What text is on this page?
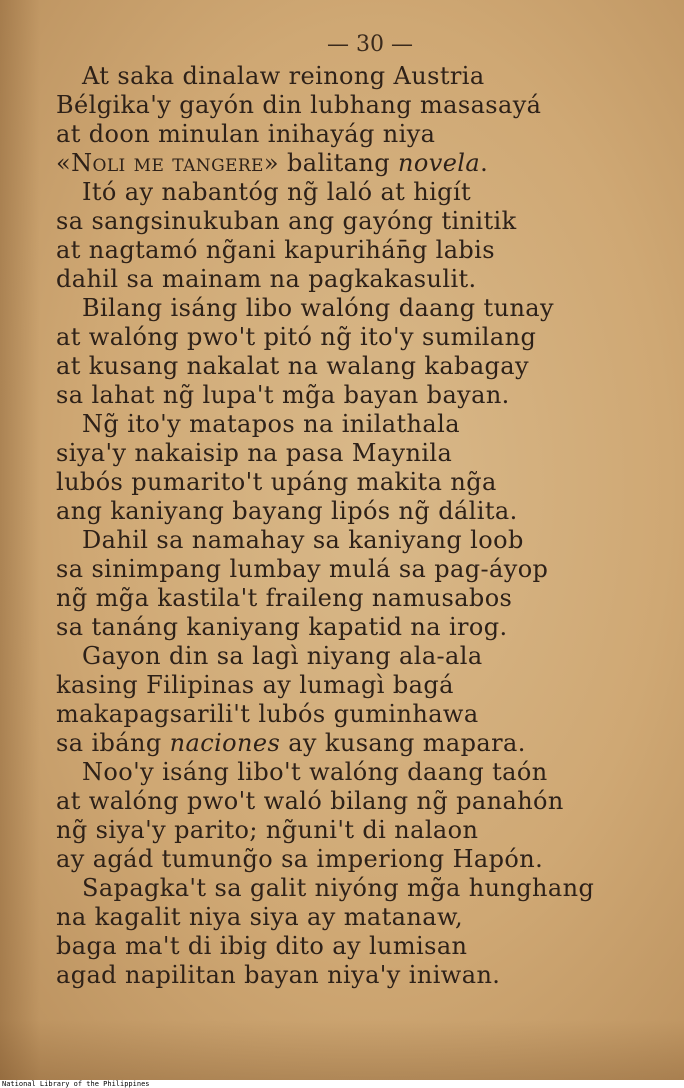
— 30 —
At saka dinalaw reinong Austria
Bélgika'y gayón din lubhang masasayá
at doon minulan inihayág niya
«Noli me tangere» balitang novela.
Itó ay nabantóg ng̃ laló at higít
sa sangsinukuban ang gayóng tinitik
at nagtamó ng̃ani kapurihán̄g labis
dahil sa mainam na pagkakasulit.
Bilang isáng libo walóng daang tunay
at walóng pwo't pitó ng̃ ito'y sumilang
at kusang nakalat na walang kabagay
sa lahat ng̃ lupa't mg̃a bayan bayan.
Ng̃ ito'y matapos na inilathala
siya'y nakaisip na pasa Maynila
lubós pumarito't upáng makita ng̃a
ang kaniyang bayang lipós ng̃ dálita.
Dahil sa namahay sa kaniyang loob
sa sinimpang lumbay mulá sa pag-áyop
ng̃ mg̃a kastila't fraileng namusabos
sa tanáng kaniyang kapatid na irog.
Gayon din sa lagì niyang ala-ala
kasing Filipinas ay lumagì bagá
makapagsarili't lubós guminhawa
sa ibáng naciones ay kusang mapara.
Noo'y isáng libo't walóng daang taón
at walóng pwo't waló bilang ng̃ panahón
ng̃ siya'y parito; ng̃uni't di nalaon
ay agád tumung̃o sa imperiong Hapón.
Sapagka't sa galit niyóng mg̃a hunghang
na kagalit niya siya ay matanaw,
baga ma't di ibig dito ay lumisan
agad napilitan bayan niya'y iniwan.
National Library of the Philippines
